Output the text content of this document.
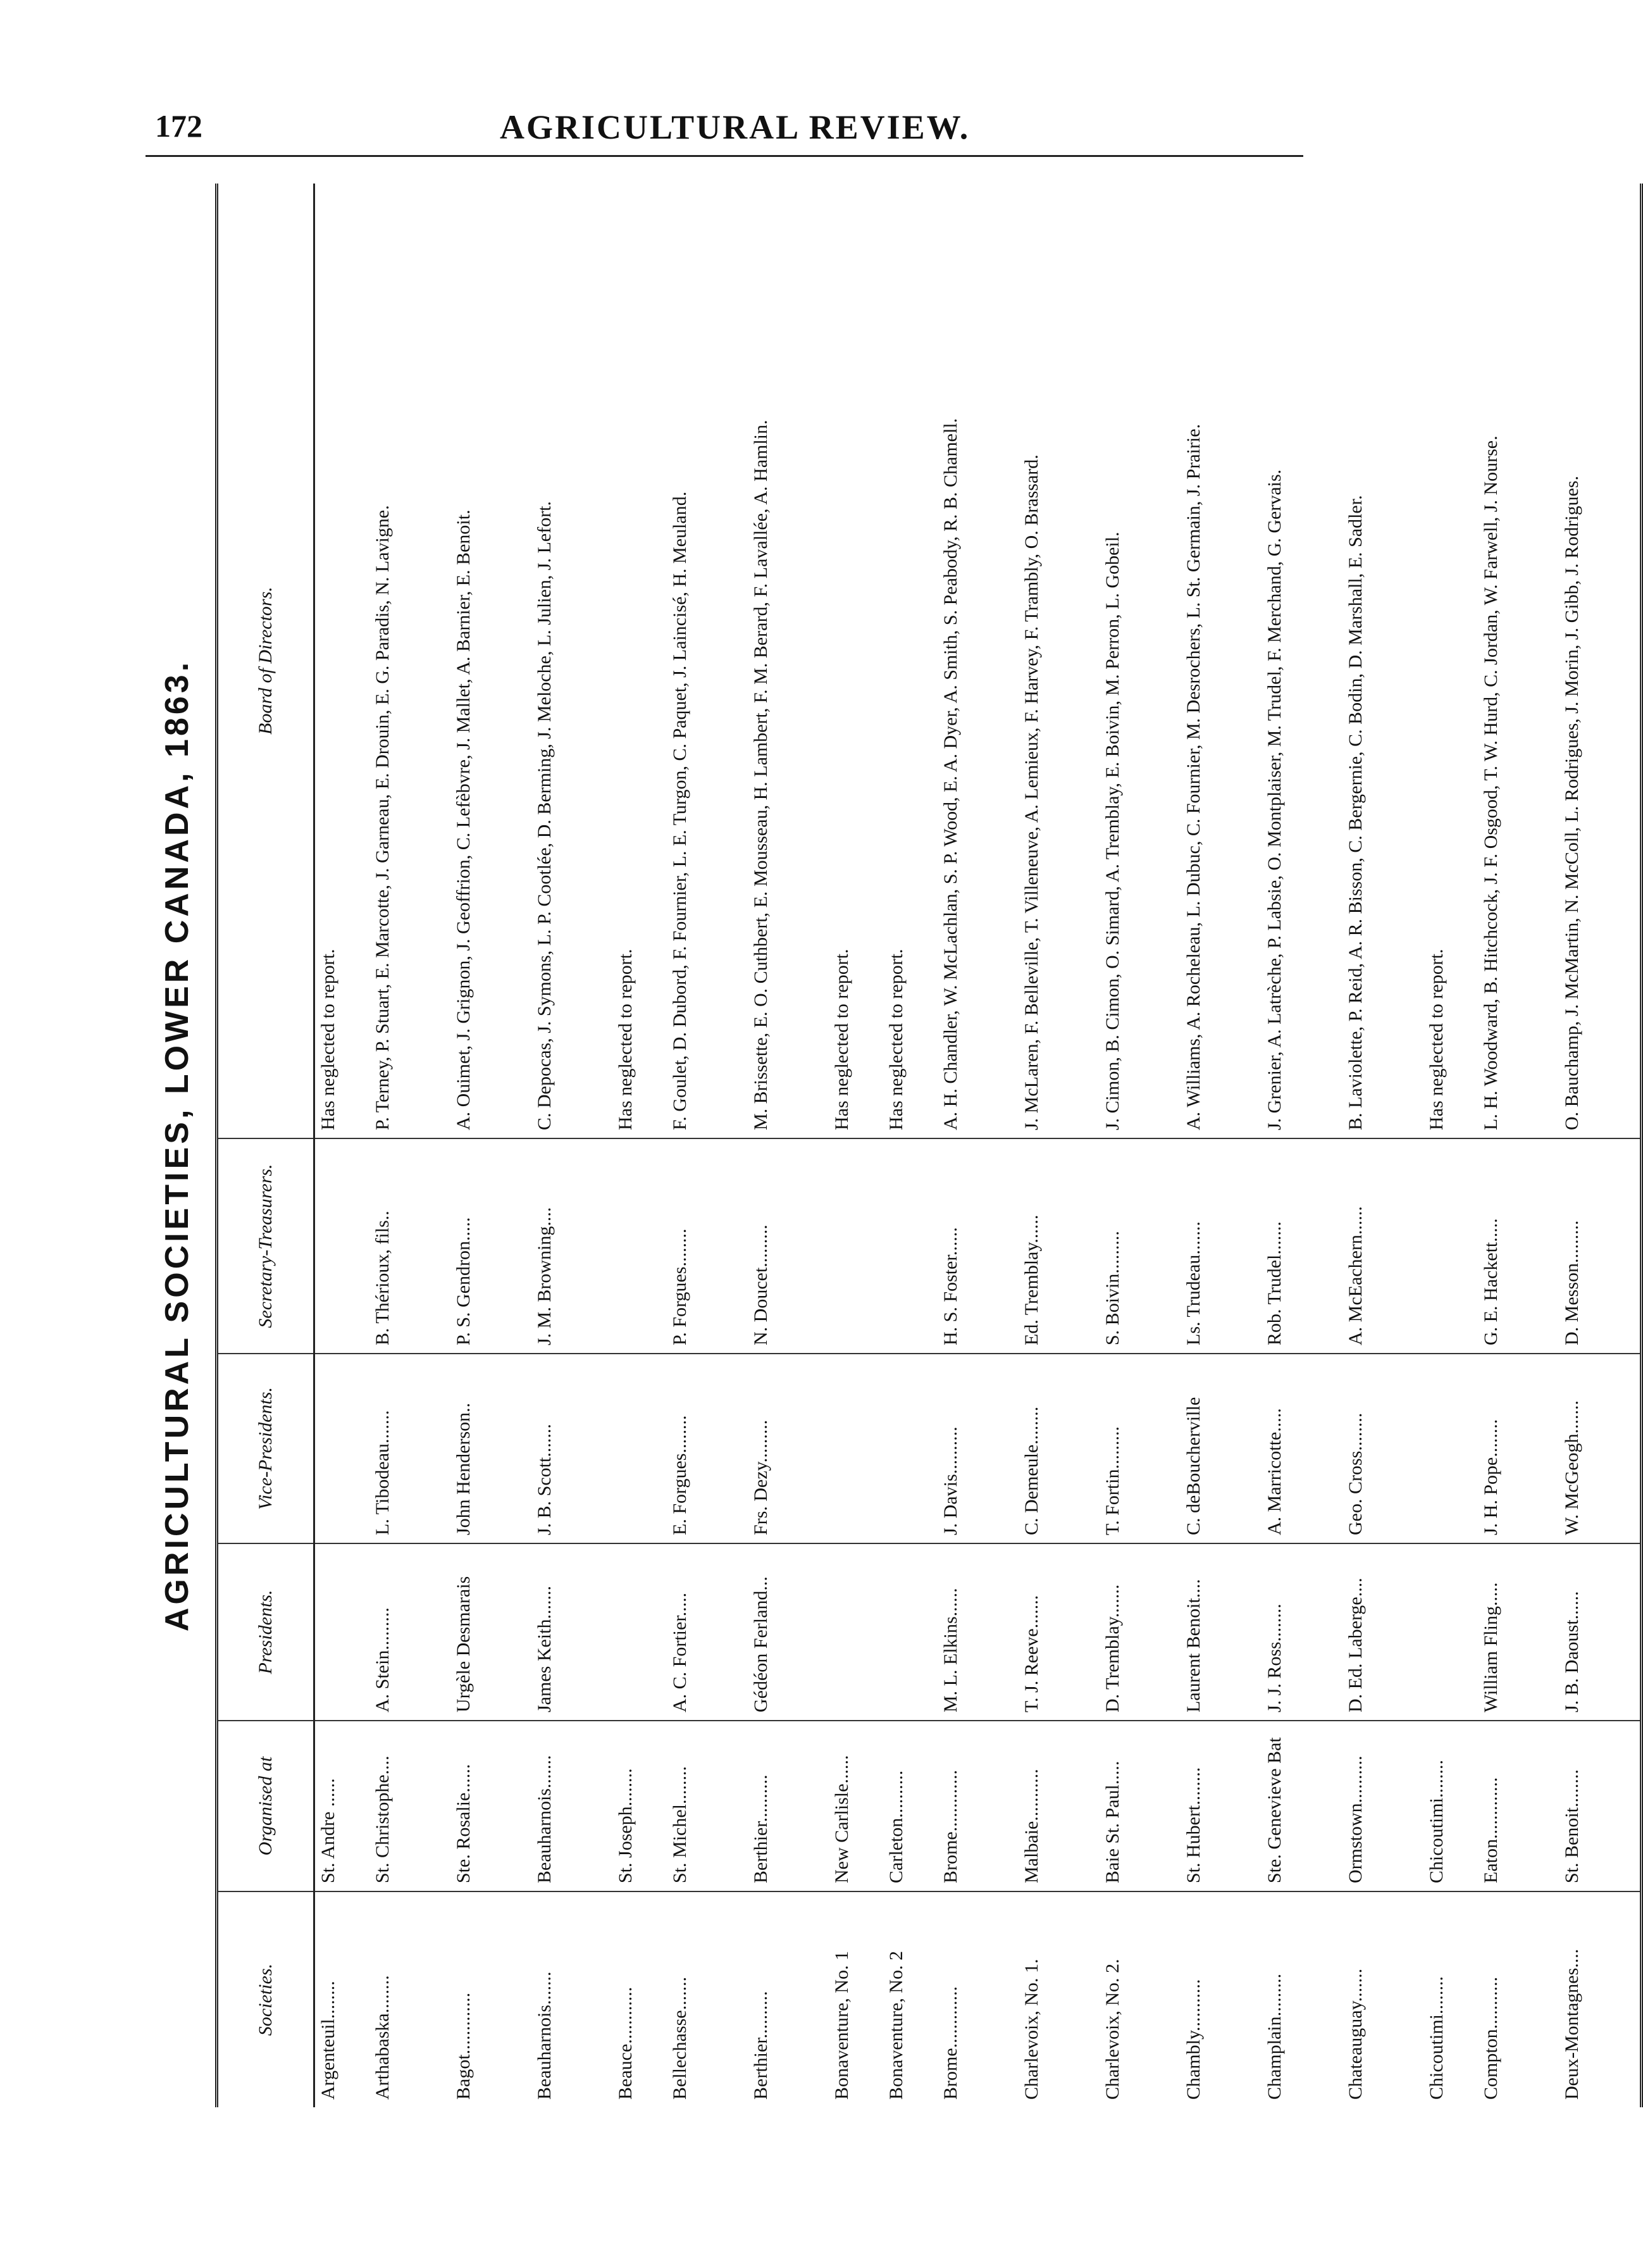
172	AGRICULTURAL REVIEW.
AGRICULTURAL SOCIETIES, LOWER CANADA, 1863.
Societies.
Organised at
Presidents.
Vice-Presidents.
Secretary-Treasurers.
Board of Directors.
Argenteuil........
St. Andre ......
Has neglected to report.
Arthabaska........
St. Christophe....
A. Stein.........
L. Tibodeau.......
B. Thérioux, fils..
P. Terney, P. Stuart, E. Marcotte, J. Garneau, E. Drouin, E. G. Paradis, N. Lavigne.
Bagot.............
Ste. Rosalie......
Urgèle Desmarais
John Henderson..
P. S. Gendron.....
A. Ouimet, J. Grignon, J. Geoffrion, C. Lefèbvre, J. Mallet, A. Barnier, E. Benoit.
Beauharnois.......
Beauharnois.......
James Keith.......
J. B. Scott.......
J. M. Browning....
C. Depocas, J. Symons, L. P. Cootlée, D. Berming, J. Meloche, L. Julien, J. Lefort.
Beauce............
St. Joseph........
Has neglected to report.
Bellechasse.......
St. Michel........
A. C. Fortier.....
E. Forgues........
P. Forgues........
F. Goulet, D. Dubord, F. Fournier, L. E. Turgon, C. Paquet, J. Laincisé, H. Meuland.
Berthier..........
Berthier..........
Gédéon Ferland...
Frs. Dezy.........
N. Doucet.........
M. Brissette, E. O. Cuthbert, E. Mousseau, H. Lambert, F. M. Berard, F. Lavallée, A. Hamlin.
Bonaventure, No. 1
New Carlisle......
Has neglected to report.
Bonaventure, No. 2
Carleton..........
Has neglected to report.
Brome.............
Brome.............
M. L. Elkins......
J. Davis..........
H. S. Foster......
A. H. Chandler, W. McLachlan, S. P. Wood, E. A. Dyer, A. Smith, S. Peabody, R. B. Chamell.
Charlevoix, No. 1.
Malbaie...........
T. J. Reeve.......
C. Demeule........
Ed. Tremblay......
J. McLaren, F. Belleville, T. Villeneuve, A. Lemieux, F. Harvey, F. Trambly, O. Brassard.
Charlevoix, No. 2.
Baie St. Paul.....
D. Tremblay.......
T. Fortin.........
S. Boivin.........
J. Cimon, B. Cimon, O. Simard, A. Tremblay, E. Boivin, M. Perron, L. Gobeil.
Chambly...........
St. Hubert........
Laurent Benoit....
C. deBoucherville
Ls. Trudeau.......
A. Williams, A. Rocheleau, L. Dubuc, C. Fournier, M. Desrochers, L. St. Germain, J. Prairie.
Champlain.........
Ste. Genevieve Bat
J. J. Ross........
A. Marricotte.....
Rob. Trudel.......
J. Grenier, A. Latrèche, P. Labsie, O. Montplaiser, M. Trudel, F. Merchand, G. Gervais.
Chateauguay.......
Ormstown..........
D. Ed. Laberge....
Geo. Cross........
A. McEachern......
B. Laviolette, P. Reid, A. R. Bisson, C. Bergernie, C. Bodin, D. Marshall, E. Sadler.
Chicoutimi........
Chicoutimi........
Has neglected to report.
Compton...........
Eaton.............
William Fling.....
J. H. Pope........
G. E. Hackett.....
L. H. Woodward, B. Hitchcock, J. F. Osgood, T. W. Hurd, C. Jordan, W. Farwell, J. Nourse.
Deux-Montagnes....
St. Benoit........
J. B. Daoust......
W. McGeogh.......
D. Messon.........
O. Bauchamp, J. McMartin, N. McColl, L. Rodrigues, J. Morin, J. Gibb, J. Rodrigues.
